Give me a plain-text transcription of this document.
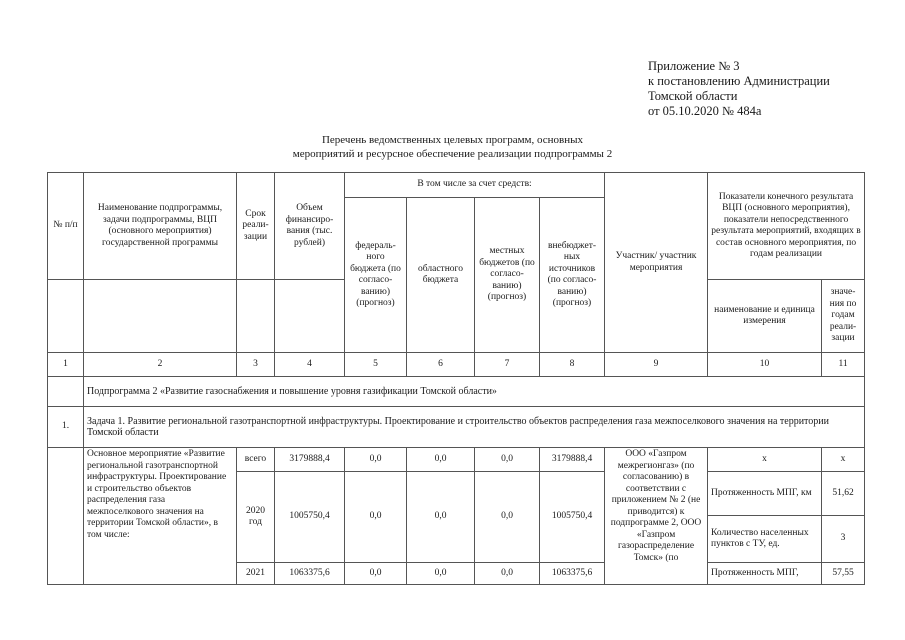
Приложение № 3
к постановлению Администрации
Томской области
от 05.10.2020 № 484а
Перечень ведомственных целевых программ, основных
мероприятий и ресурсное обеспечение реализации подпрограммы 2
№ п/п	Наименование подпрограммы, задачи подпрограммы, ВЦП (основного мероприятия) государственной программы	Срок реали-зации	Объем финансиро-вания (тыс. рублей)	В том числе за счет средств:				Участник/ участник мероприятия	Показатели конечного результата ВЦП (основного мероприятия), показатели непосредственного результата мероприятий, входящих в состав основного мероприятия, по годам реализации	
				федераль-ного бюджета (по согласо-ванию) (прогноз)	областного бюджета	местных бюджетов (по согласо-ванию) (прогноз)	внебюджет-ных источников (по согласо-ванию) (прогноз)			
									наименование и единица измерения	значе-ния по годам реали-зации
1	2	3	4	5	6	7	8	9	10	11
	Подпрограмма 2 «Развитие газоснабжения и повышение уровня газификации Томской области»									
1.	Задача 1. Развитие региональной газотранспортной инфраструктуры. Проектирование и строительство объектов распределения газа межпоселкового значения на территории Томской области									
	Основное мероприятие «Развитие региональной газотранспортной инфраструктуры. Проектирование и строительство объектов распределения газа межпоселкового значения на территории Томской области», в том числе:	всего	3179888,4	0,0	0,0	0,0	3179888,4	ООО «Газпром межрегионгаз» (по согласованию) в соответствии с приложением № 2 (не приводится) к подпрограмме 2, ООО «Газпром газораспределение Томск» (по	х	х
		2020 год	1005750,4	0,0	0,0	0,0	1005750,4		Протяженность МПГ, км	51,62
									Количество населенных пунктов с ТУ, ед.	3
		2021	1063375,6	0,0	0,0	0,0	1063375,6		Протяженность МПГ,	57,55
